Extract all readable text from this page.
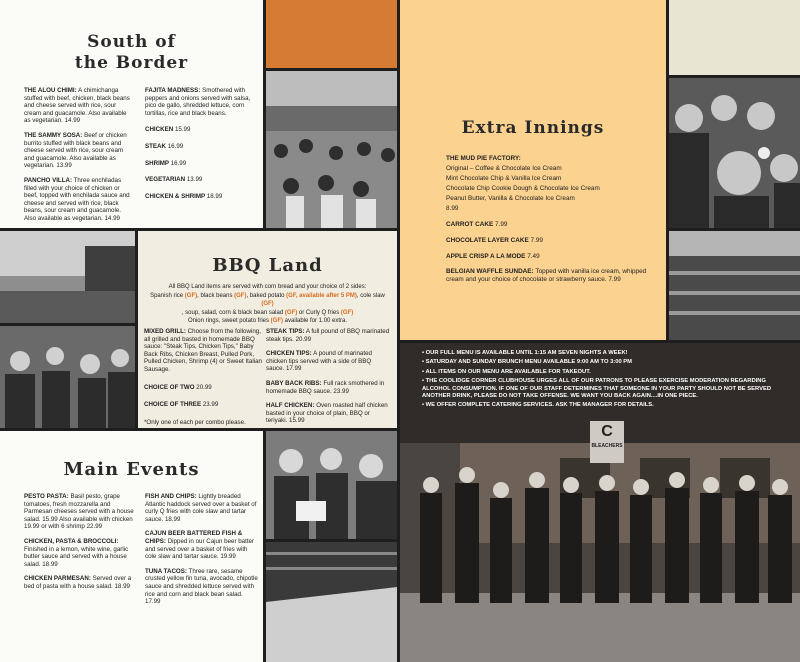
South of
the Border
THE ALOU CHIMI: A chimichanga stuffed with beef, chicken, black beans and cheese served with rice, sour cream and guacamole. Also available as vegetarian. 14.99
THE SAMMY SOSA: Beef or chicken burrito stuffed with black beans and cheese served with rice, sour cream and guacamole. Also available as vegetarian. 13.99
PANCHO VILLA: Three enchiladas filled with your choice of chicken or beef, topped with enchilada sauce and cheese and served with rice, black beans, sour cream and guacamole. Also available as vegetarian. 14.99
FAJITA MADNESS: Smothered with peppers and onions served with salsa, pico de gallo, shredded lettuce, corn tortillas, rice and black beans.
CHICKEN 15.99
STEAK 16.99
SHRIMP 16.99
VEGETARIAN 13.99
CHICKEN & SHRIMP 18.99
Extra Innings
THE MUD PIE FACTORY:
Original – Coffee & Chocolate Ice Cream
Mint Chocolate Chip & Vanilla Ice Cream
Chocolate Chip Cookie Dough & Chocolate Ice Cream
Peanut Butter, Vanilla & Chocolate Ice Cream
8.99
CARROT CAKE 7.99
CHOCOLATE LAYER CAKE 7.99
APPLE CRISP A LA MODE 7.49
BELGIAN WAFFLE SUNDAE: Topped with vanilla ice cream, whipped cream and your choice of chocolate or strawberry sauce. 7.99
BBQ Land
All BBQ Land items are served with corn bread and your choice of 2 sides:
Spanish rice (GF), black beans (GF), baked potato (GF, available after 5 PM), cole slaw (GF)
, soup, salad, corn & black bean salad (GF) or Curly Q fries (GF)
Onion rings, sweet potato fries (GF) available for 1.00 extra.
MIXED GRILL: Choose from the following, all grilled and basted in homemade BBQ sauce: "Steak Tips, Chicken Tips," Baby Back Ribs, Chicken Breast, Pulled Pork, Pulled Chicken, Shrimp (4) or Sweet Italian Sausage.
CHOICE OF TWO 20.99
CHOICE OF THREE 23.99
*Only one of each per combo please.
STEAK TIPS: A full pound of BBQ marinated steak tips. 20.99
CHICKEN TIPS: A pound of marinated chicken tips served with a side of BBQ sauce. 17.99
BABY BACK RIBS: Full rack smothered in homemade BBQ sauce. 23.99
HALF CHICKEN: Oven roasted half chicken basted in your choice of plain, BBQ or teriyaki. 15.99
Main Events
PESTO PASTA: Basil pesto, grape tomatoes, fresh mozzarella and Parmesan cheeses served with a house salad. 15.99 Also available with chicken 19.99 or with 6 shrimp 22.99
CHICKEN, PASTA & BROCCOLI: Finished in a lemon, white wine, garlic butter sauce and served with a house salad. 18.99
CHICKEN PARMESAN: Served over a bed of pasta with a house salad. 18.99
FISH AND CHIPS: Lightly breaded Atlantic haddock served over a basket of curly Q fries with cole slaw and tartar sauce. 18.99
CAJUN BEER BATTERED FISH & CHIPS: Dipped in our Cajun beer batter and served over a basket of fries with cole slaw and tartar sauce. 19.99
TUNA TACOS: Three rare, sesame crusted yellow fin tuna, avocado, chipotle sauce and shredded lettuce served with rice and corn and black bean salad. 17.99
C
BLEACHERS
• OUR FULL MENU IS AVAILABLE UNTIL 1:15 AM SEVEN NIGHTS A WEEK!
• SATURDAY AND SUNDAY BRUNCH MENU AVAILABLE 9:00 AM TO 3:00 PM
• ALL ITEMS ON OUR MENU ARE AVAILABLE FOR TAKEOUT.
• THE COOLIDGE CORNER CLUBHOUSE URGES ALL OF OUR PATRONS TO PLEASE EXERCISE MODERATION REGARDING ALCOHOL CONSUMPTION. IF ONE OF OUR STAFF DETERMINES THAT SOMEONE IN YOUR PARTY SHOULD NOT BE SERVED ANOTHER DRINK, PLEASE DO NOT TAKE OFFENSE. WE WANT YOU BACK AGAIN....IN ONE PIECE.
• WE OFFER COMPLETE CATERING SERVICES. ASK THE MANAGER FOR DETAILS.
